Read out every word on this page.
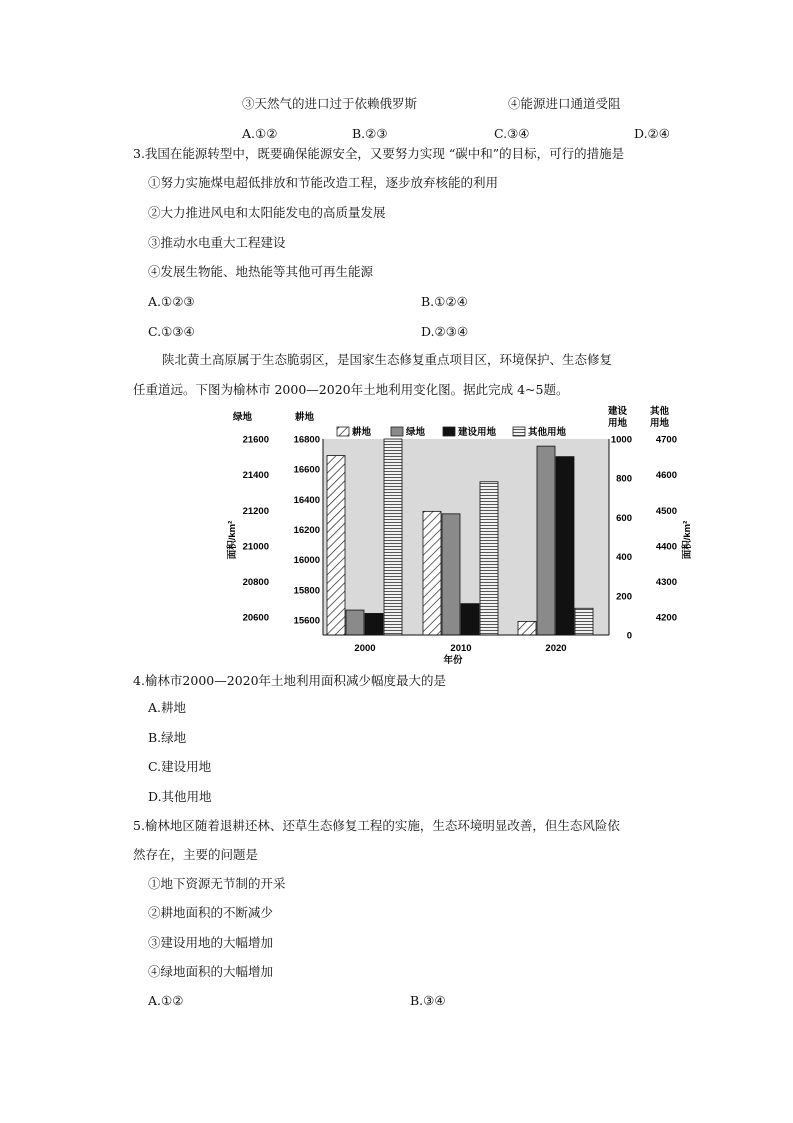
③天然气的进口过于依赖俄罗斯	④能源进口通道受阻
A.①②	B.②③	C.③④	D.②④
3.我国在能源转型中，既要确保能源安全，又要努力实现 “碳中和”的目标，可行的措施是
①努力实施煤电超低排放和节能改造工程，逐步放弃核能的利用
②大力推进风电和太阳能发电的高质量发展
③推动水电重大工程建设
④发展生物能、地热能等其他可再生能源
A.①②③	B.①②④
C.①③④	D.②③④
陕北黄土高原属于生态脆弱区，是国家生态修复重点项目区，环境保护、生态修复
任重道远。下图为榆林市 2000—2020年土地利用变化图。据此完成 4~5题。
2000	2010	2020
20600
20800
21000
21200
21400
21600
15600
15800
16000
16200
16400
16600
16800
0
200
400
600
800
1000
4200
4300
4400
4500
4600
4700
耕地	绿地	建设用地	其他用地
绿地	耕地
建设
用地
其他
用地
面积/km²	面积/km²
年份
4.榆林市2000—2020年土地利用面积减少幅度最大的是
A.耕地
B.绿地
C.建设用地
D.其他用地
5.榆林地区随着退耕还林、还草生态修复工程的实施，生态环境明显改善，但生态风险依
然存在，主要的问题是
①地下资源无节制的开采
②耕地面积的不断减少
③建设用地的大幅增加
④绿地面积的大幅增加
A.①②	B.③④
